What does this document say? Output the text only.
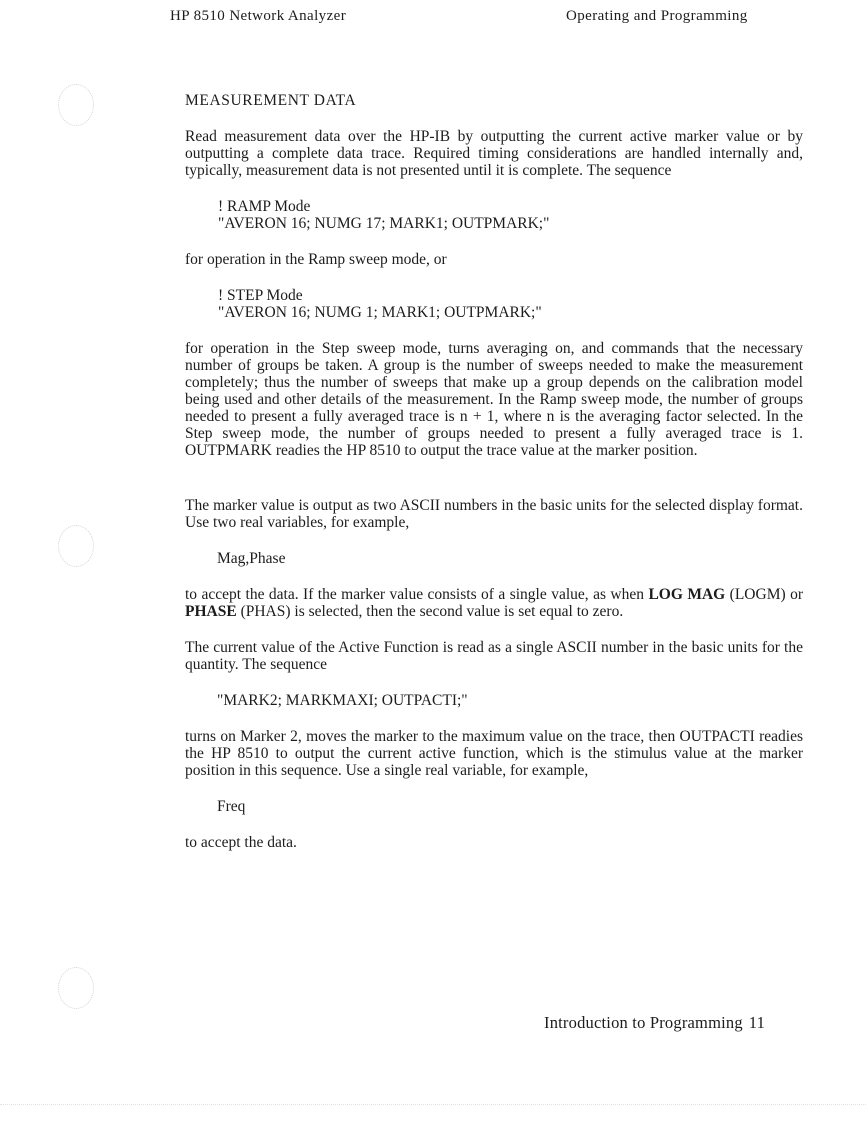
HP 8510 Network Analyzer	Operating and Programming
MEASUREMENT DATA

Read measurement data over the HP-IB by outputting the current active marker value or by outputting a complete data trace. Required timing considerations are handled internally and, typically, measurement data is not presented until it is complete. The sequence

! RAMP Mode
"AVERON 16; NUMG 17; MARK1; OUTPMARK;"

for operation in the Ramp sweep mode, or

! STEP Mode
"AVERON 16; NUMG 1; MARK1; OUTPMARK;"

for operation in the Step sweep mode, turns averaging on, and commands that the necessary number of groups be taken. A group is the number of sweeps needed to make the measurement completely; thus the number of sweeps that make up a group depends on the calibration model being used and other details of the measurement. In the Ramp sweep mode, the number of groups needed to present a fully averaged trace is n + 1, where n is the averaging factor selected. In the Step sweep mode, the number of groups needed to present a fully averaged trace is 1. OUTPMARK readies the HP 8510 to output the trace value at the marker position.

The marker value is output as two ASCII numbers in the basic units for the selected display format. Use two real variables, for example,

Mag,Phase

to accept the data. If the marker value consists of a single value, as when LOG MAG (LOGM) or PHASE (PHAS) is selected, then the second value is set equal to zero.

The current value of the Active Function is read as a single ASCII number in the basic units for the quantity. The sequence

"MARK2; MARKMAXI; OUTPACTI;"

turns on Marker 2, moves the marker to the maximum value on the trace, then OUTPACTI readies the HP 8510 to output the current active function, which is the stimulus value at the marker position in this sequence. Use a single real variable, for example,

Freq

to accept the data.

Introduction to Programming 11
